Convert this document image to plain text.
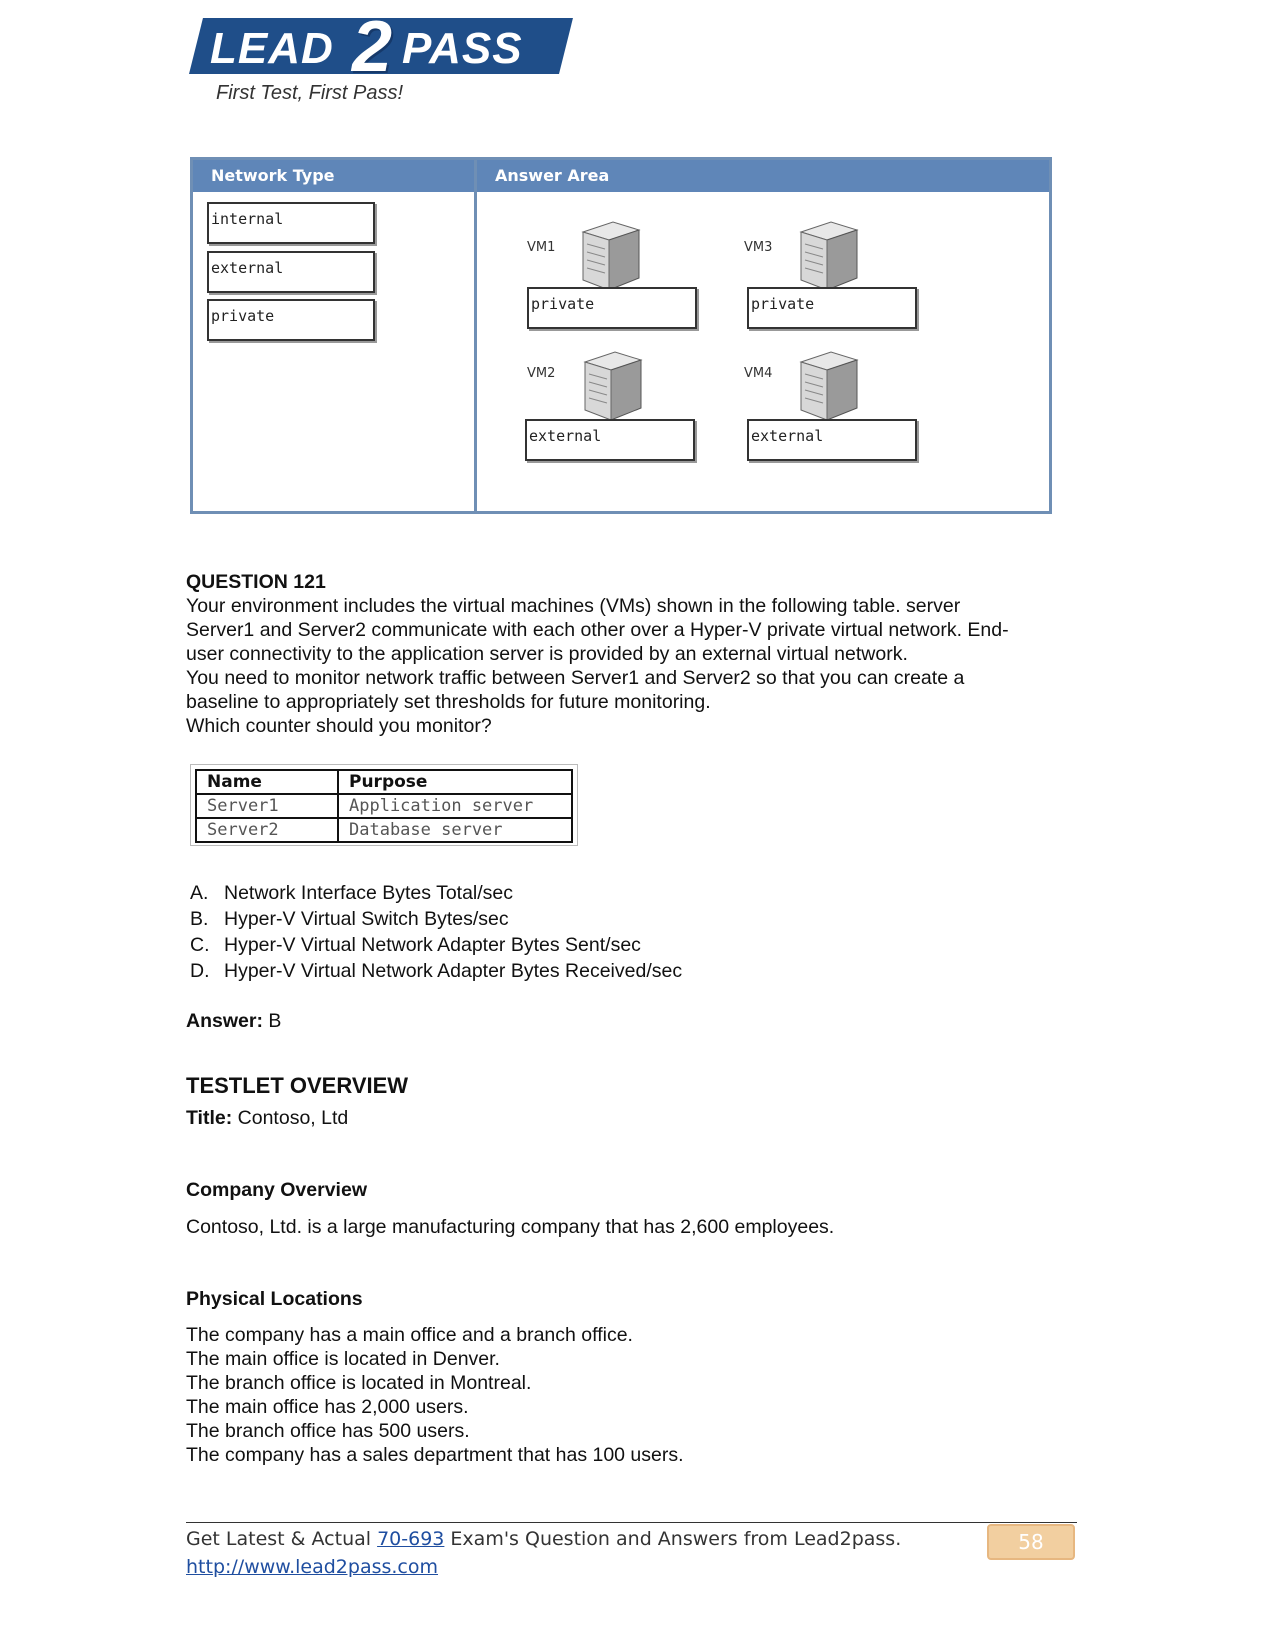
LEAD 2 PASS
First Test, First Pass!
Network Type
internal
external
private
Answer Area
VM1
private
VM3
private
VM2
external
VM4
external
QUESTION 121
Your environment includes the virtual machines (VMs) shown in the following table. server
Server1 and Server2 communicate with each other over a Hyper-V private virtual network. End-
user connectivity to the application server is provided by an external virtual network.
You need to monitor network traffic between Server1 and Server2 so that you can create a
baseline to appropriately set thresholds for future monitoring.
Which counter should you monitor?
Name	Purpose
Server1	Application server
Server2	Database server
A. Network Interface Bytes Total/sec
B. Hyper-V Virtual Switch Bytes/sec
C. Hyper-V Virtual Network Adapter Bytes Sent/sec
D. Hyper-V Virtual Network Adapter Bytes Received/sec
Answer: B
TESTLET OVERVIEW
Title: Contoso, Ltd
Company Overview
Contoso, Ltd. is a large manufacturing company that has 2,600 employees.
Physical Locations
The company has a main office and a branch office.
The main office is located in Denver.
The branch office is located in Montreal.
The main office has 2,000 users.
The branch office has 500 users.
The company has a sales department that has 100 users.
Get Latest & Actual 70-693 Exam's Question and Answers from Lead2pass.
http://www.lead2pass.com
58
